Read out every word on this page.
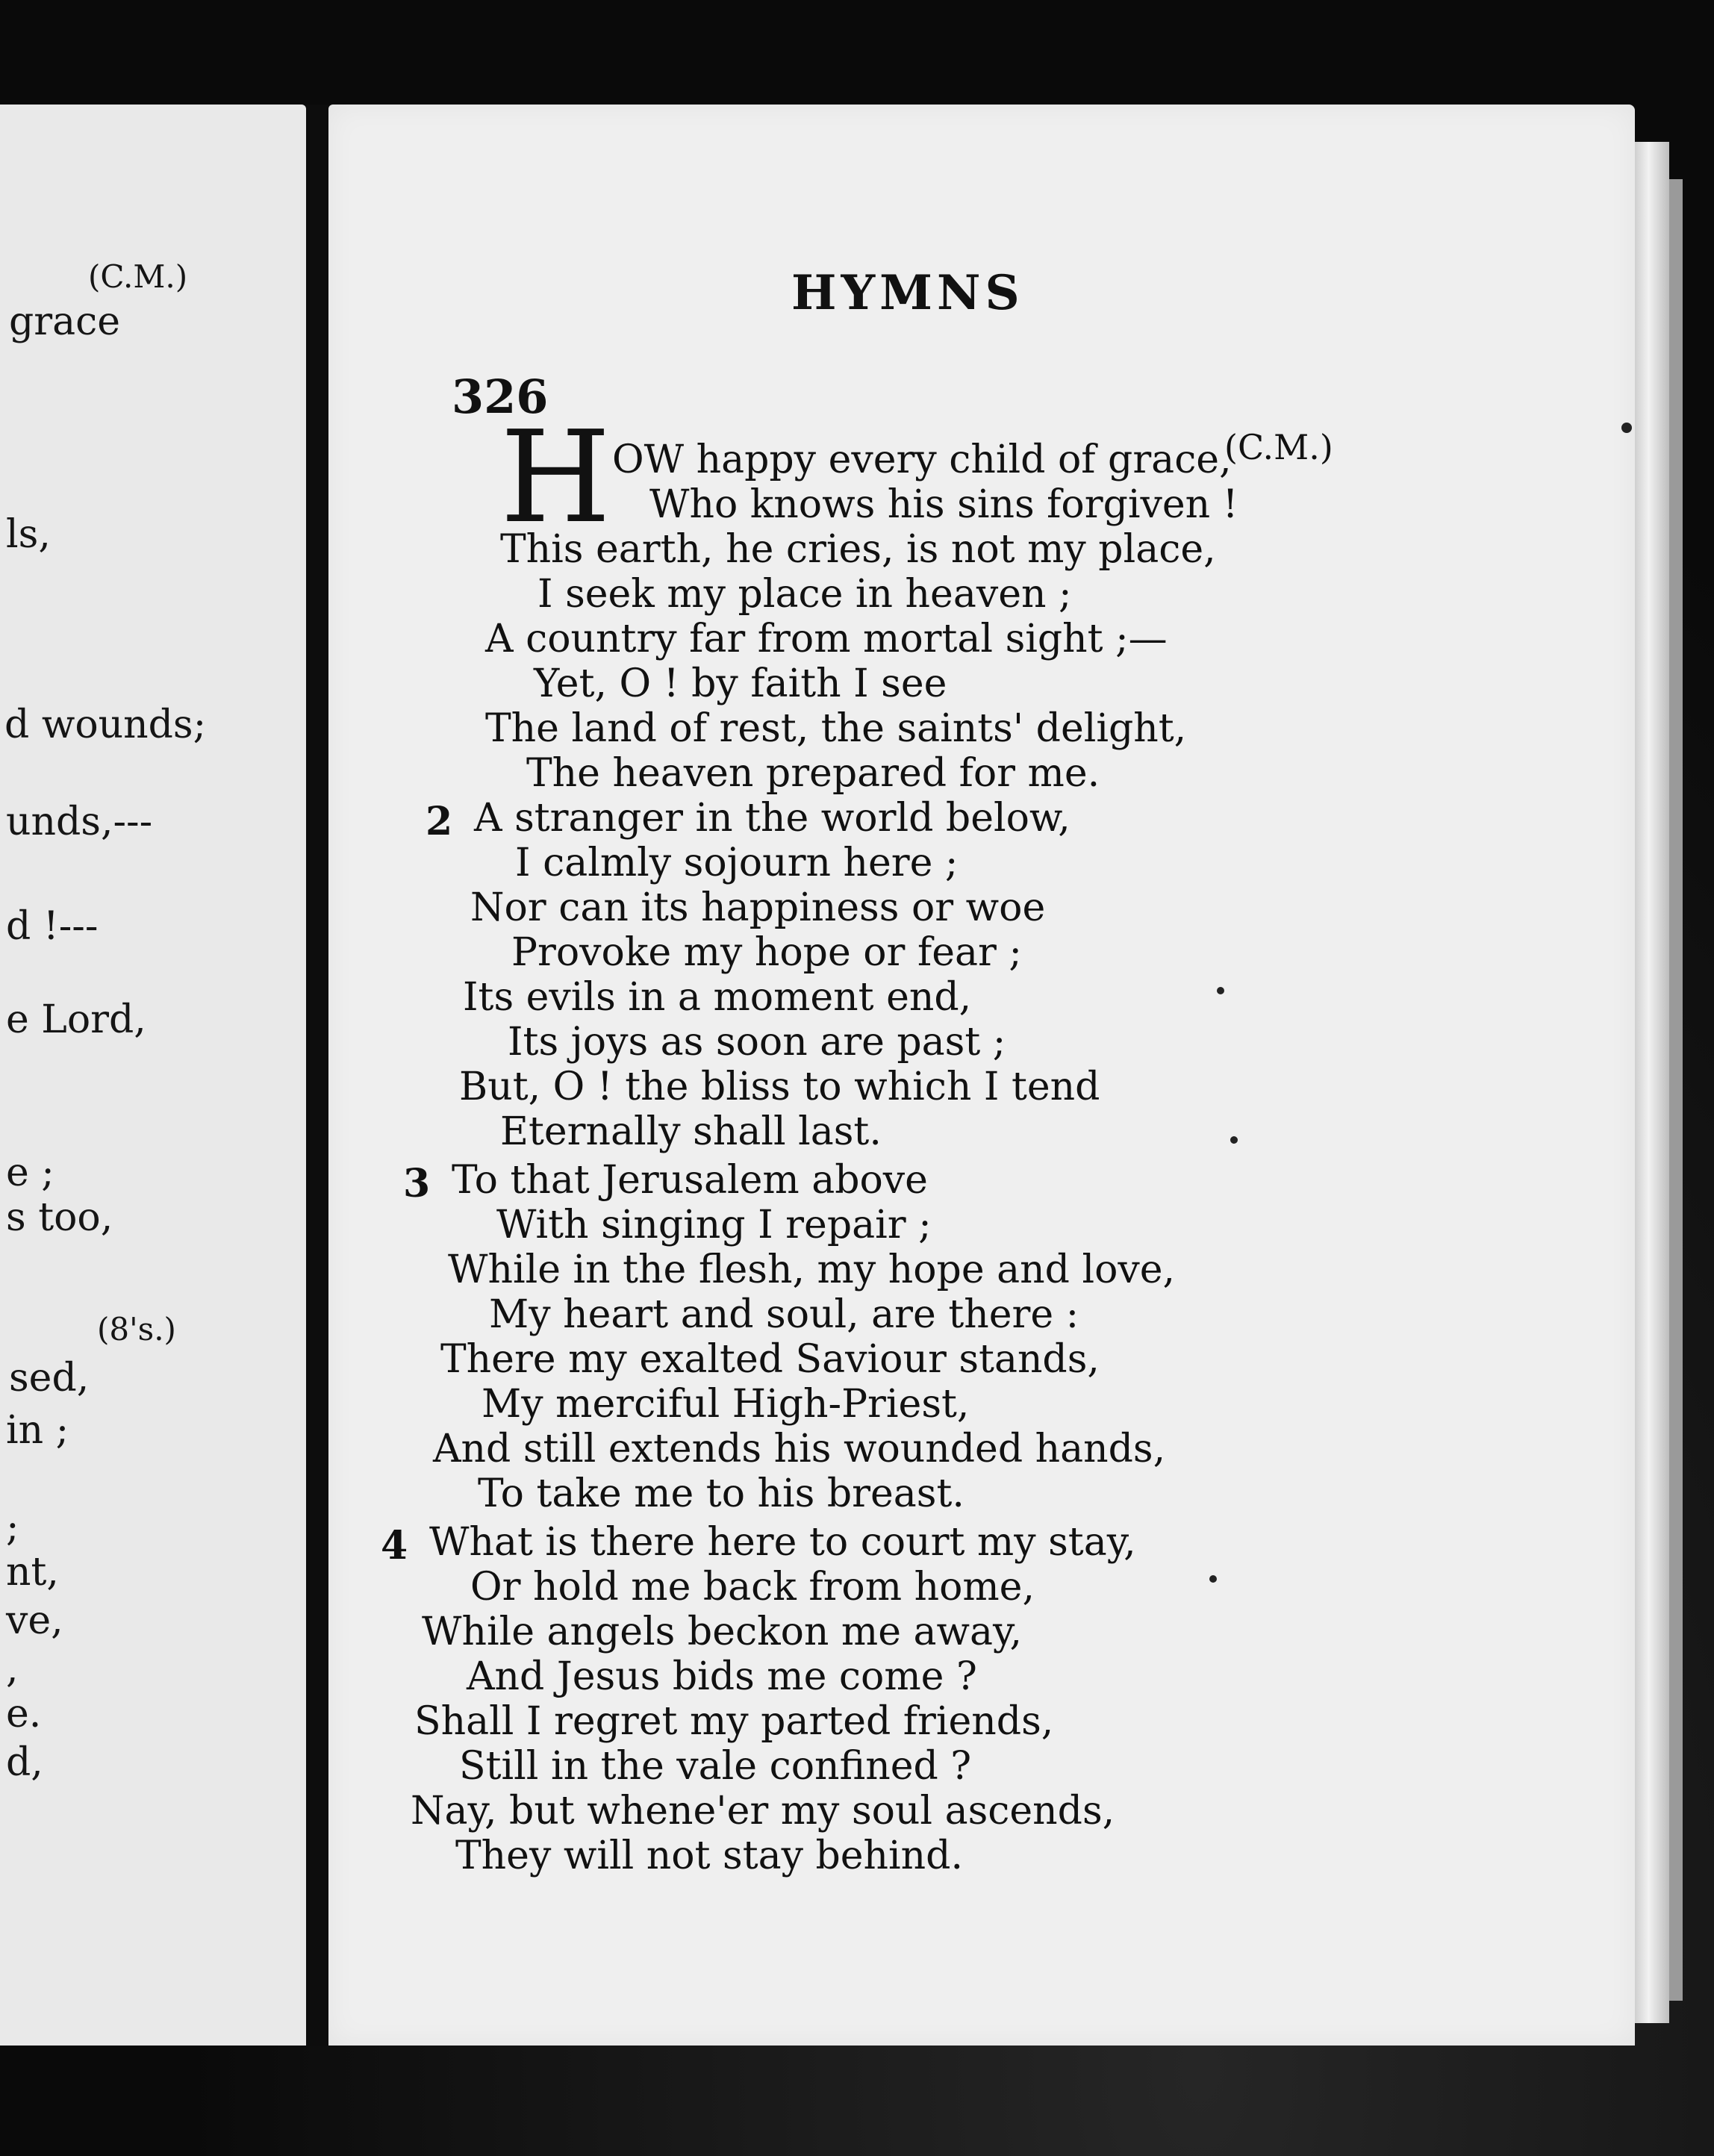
(C.M.)
grace
ls,
d wounds;
unds,---
d !---
e Lord,
e ;
s too,
(8's.)
sed,
in ;
;
nt,
ve,
,
e.
d,
HYMNS
326
(C.M.)
H OW happy every child of grace,
Who knows his sins forgiven !
This earth, he cries, is not my place,
I seek my place in heaven ;
A country far from mortal sight ;—
Yet, O ! by faith I see
The land of rest, the saints' delight,
The heaven prepared for me.
2 A stranger in the world below,
I calmly sojourn here ;
Nor can its happiness or woe
Provoke my hope or fear ;
Its evils in a moment end,
Its joys as soon are past ;
But, O ! the bliss to which I tend
Eternally shall last.
3 To that Jerusalem above
With singing I repair ;
While in the flesh, my hope and love,
My heart and soul, are there :
There my exalted Saviour stands,
My merciful High-Priest,
And still extends his wounded hands,
To take me to his breast.
4 What is there here to court my stay,
Or hold me back from home,
While angels beckon me away,
And Jesus bids me come ?
Shall I regret my parted friends,
Still in the vale confined ?
Nay, but whene'er my soul ascends,
They will not stay behind.
